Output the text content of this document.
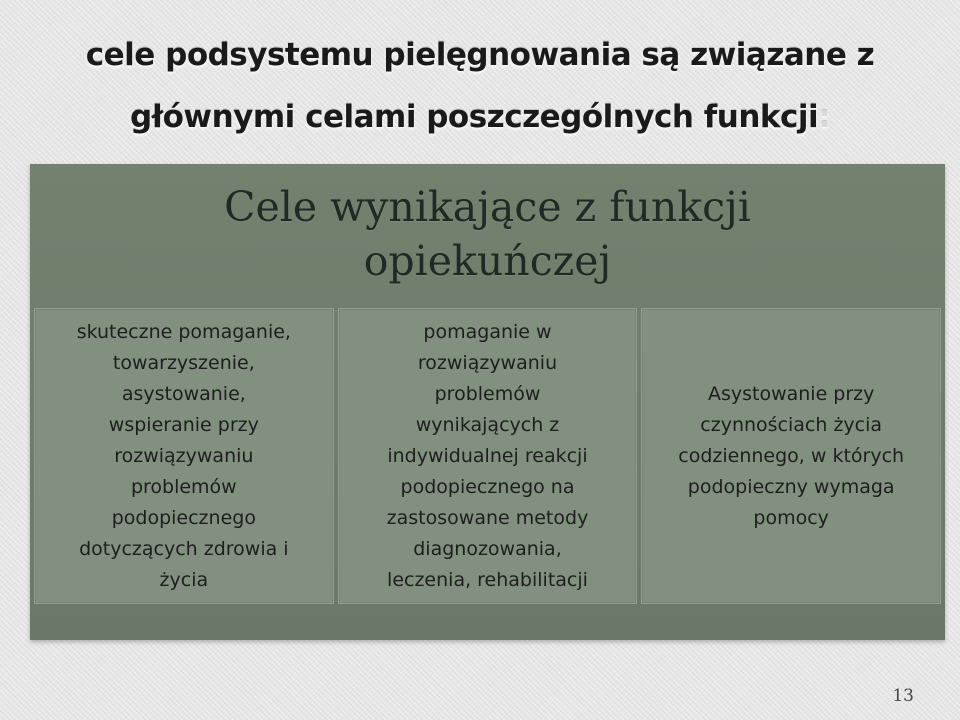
cele podsystemu pielęgnowania są związane z
głównymi celami poszczególnych funkcji:
Cele wynikające z funkcji
opiekuńczej
skuteczne pomaganie,
towarzyszenie,
asystowanie,
wspieranie przy
rozwiązywaniu
problemów
podopiecznego
dotyczących zdrowia i
życia
pomaganie w
rozwiązywaniu
problemów
wynikających z
indywidualnej reakcji
podopiecznego na
zastosowane metody
diagnozowania,
leczenia, rehabilitacji
Asystowanie przy
czynnościach życia
codziennego, w których
podopieczny wymaga
pomocy
13
